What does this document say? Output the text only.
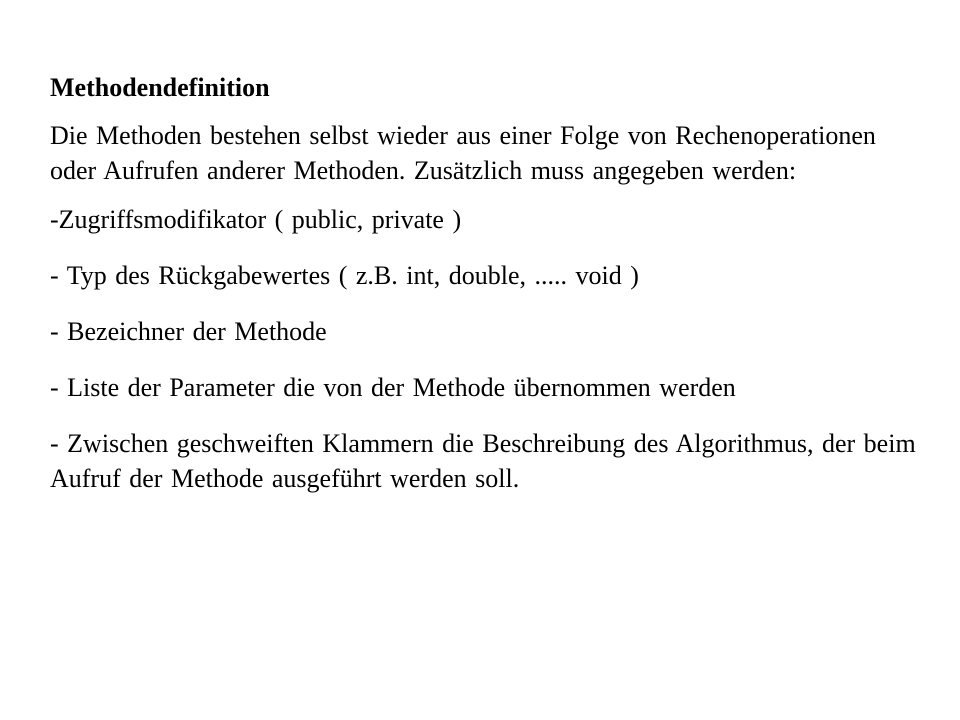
Methodendefinition
Die Methoden bestehen selbst wieder aus einer Folge von Rechenoperationen oder Aufrufen anderer Methoden. Zusätzlich muss angegeben werden:
-Zugriffsmodifikator ( public, private )
- Typ des Rückgabewertes ( z.B. int, double, ..... void )
- Bezeichner der Methode
- Liste der Parameter die von der Methode übernommen werden
- Zwischen geschweiften Klammern die Beschreibung des Algorithmus, der beim Aufruf der Methode ausgeführt werden soll.
